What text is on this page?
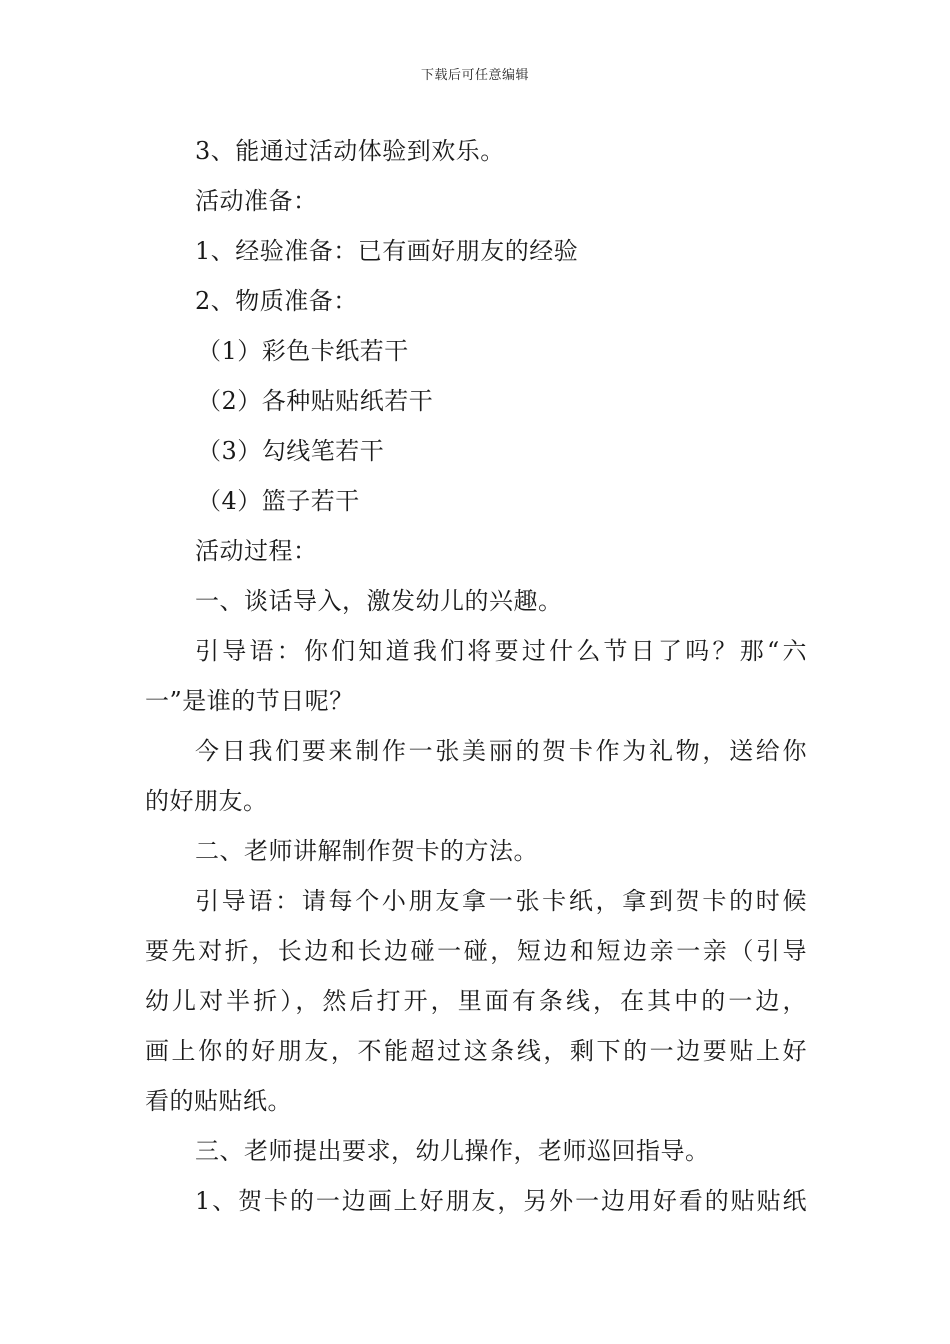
下载后可任意编辑
3、能通过活动体验到欢乐。
活动准备：
1、经验准备：已有画好朋友的经验
2、物质准备：
（1）彩色卡纸若干
（2）各种贴贴纸若干
（3）勾线笔若干
（4）篮子若干
活动过程：
一、谈话导入，激发幼儿的兴趣。
引导语：你们知道我们将要过什么节日了吗？那“六
一”是谁的节日呢？
今日我们要来制作一张美丽的贺卡作为礼物，送给你
的好朋友。
二、老师讲解制作贺卡的方法。
引导语：请每个小朋友拿一张卡纸，拿到贺卡的时候
要先对折，长边和长边碰一碰，短边和短边亲一亲（引导
幼儿对半折），然后打开，里面有条线，在其中的一边，
画上你的好朋友，不能超过这条线，剩下的一边要贴上好
看的贴贴纸。
三、老师提出要求，幼儿操作，老师巡回指导。
1、贺卡的一边画上好朋友，另外一边用好看的贴贴纸
